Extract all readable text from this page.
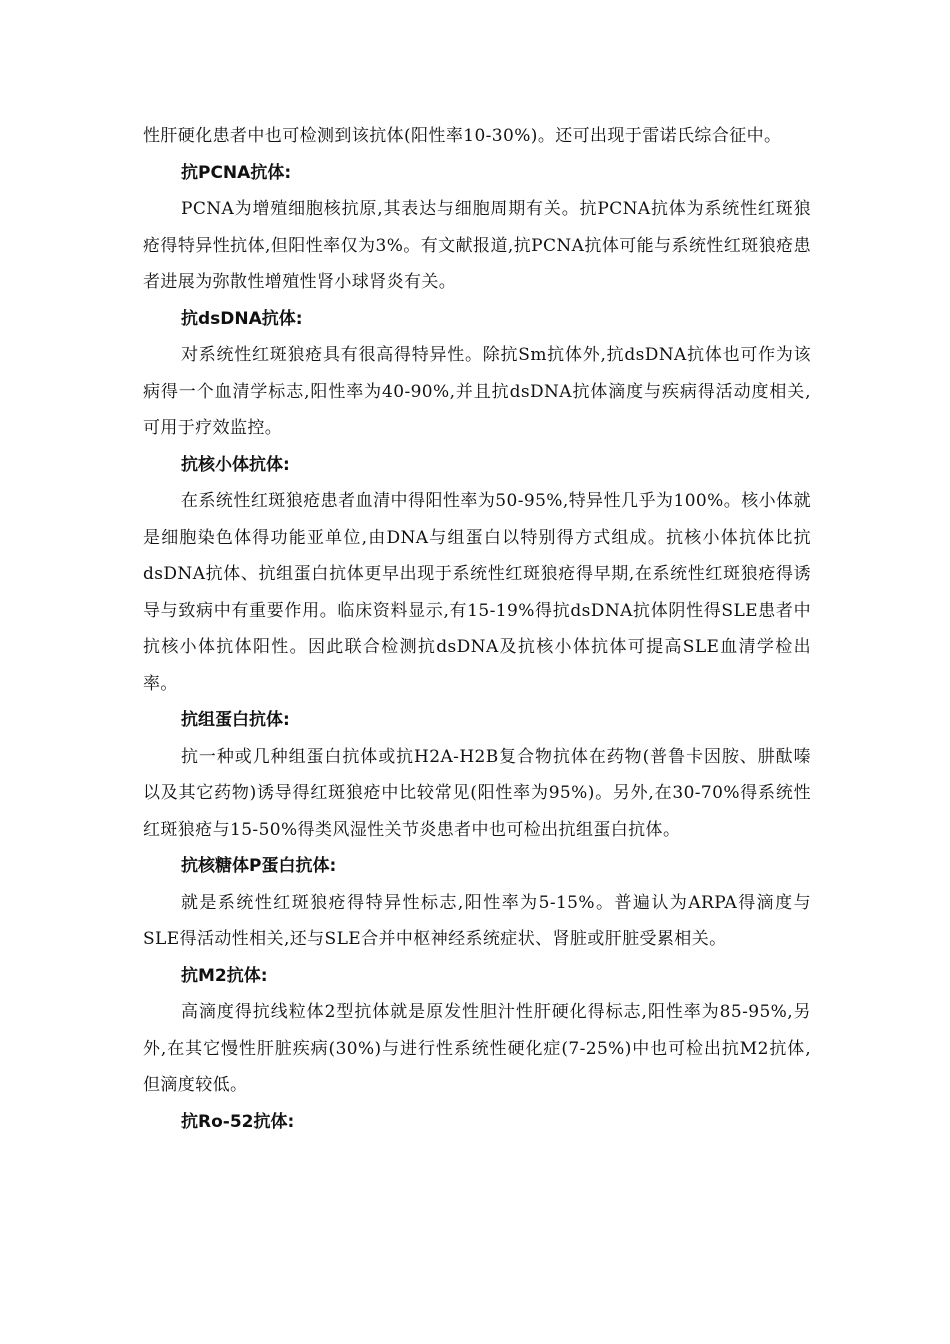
性肝硬化患者中也可检测到该抗体(阳性率10-30%)。还可出现于雷诺氏综合征中。

抗PCNA抗体:

PCNA为增殖细胞核抗原,其表达与细胞周期有关。抗PCNA抗体为系统性红斑狼疮得特异性抗体,但阳性率仅为3%。有文献报道,抗PCNA抗体可能与系统性红斑狼疮患者进展为弥散性增殖性肾小球肾炎有关。

抗dsDNA抗体:

对系统性红斑狼疮具有很高得特异性。除抗Sm抗体外,抗dsDNA抗体也可作为该病得一个血清学标志,阳性率为40-90%,并且抗dsDNA抗体滴度与疾病得活动度相关,可用于疗效监控。

抗核小体抗体:

在系统性红斑狼疮患者血清中得阳性率为50-95%,特异性几乎为100%。核小体就是细胞染色体得功能亚单位,由DNA与组蛋白以特别得方式组成。抗核小体抗体比抗dsDNA抗体、抗组蛋白抗体更早出现于系统性红斑狼疮得早期,在系统性红斑狼疮得诱导与致病中有重要作用。临床资料显示,有15-19%得抗dsDNA抗体阴性得SLE患者中抗核小体抗体阳性。因此联合检测抗dsDNA及抗核小体抗体可提高SLE血清学检出率。

抗组蛋白抗体:

抗一种或几种组蛋白抗体或抗H2A-H2B复合物抗体在药物(普鲁卡因胺、肼酞嗪以及其它药物)诱导得红斑狼疮中比较常见(阳性率为95%)。另外,在30-70%得系统性红斑狼疮与15-50%得类风湿性关节炎患者中也可检出抗组蛋白抗体。

抗核糖体P蛋白抗体:

就是系统性红斑狼疮得特异性标志,阳性率为5-15%。普遍认为ARPA得滴度与SLE得活动性相关,还与SLE合并中枢神经系统症状、肾脏或肝脏受累相关。

抗M2抗体:

高滴度得抗线粒体2型抗体就是原发性胆汁性肝硬化得标志,阳性率为85-95%,另外,在其它慢性肝脏疾病(30%)与进行性系统性硬化症(7-25%)中也可检出抗M2抗体,但滴度较低。

抗Ro-52抗体:
